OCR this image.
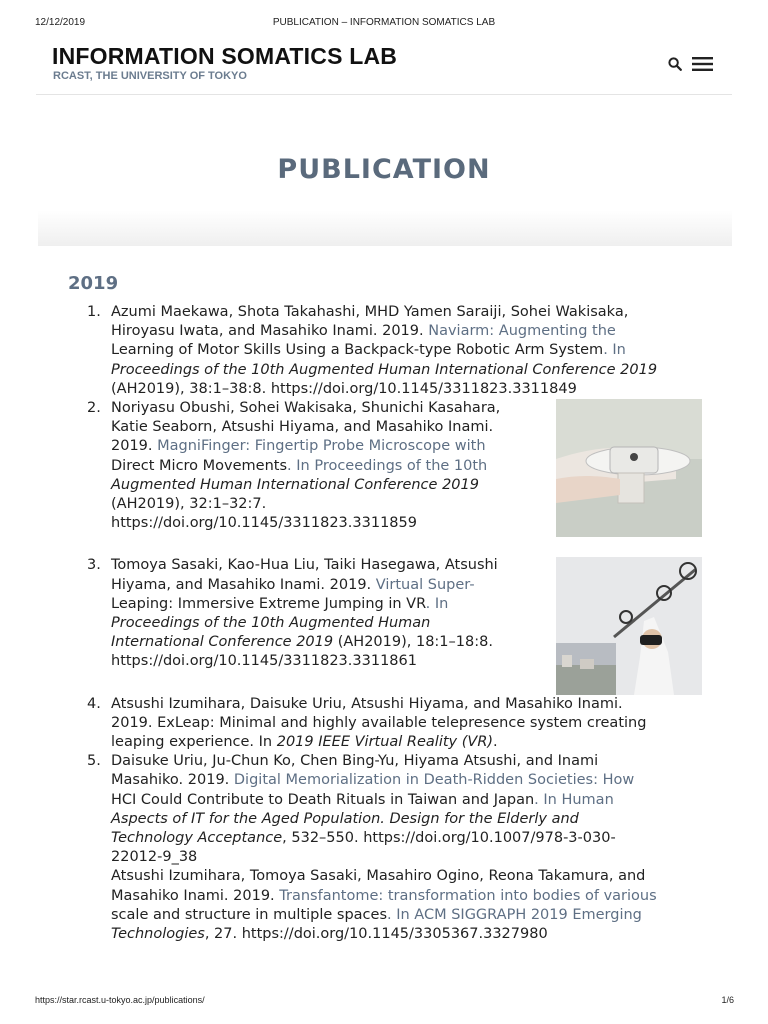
12/12/2019	PUBLICATION – INFORMATION SOMATICS LAB
INFORMATION SOMATICS LAB
RCAST, THE UNIVERSITY OF TOKYO
PUBLICATION
2019
1. Azumi Maekawa, Shota Takahashi, MHD Yamen Saraiji, Sohei Wakisaka,
Hiroyasu Iwata, and Masahiko Inami. 2019. Naviarm: Augmenting the
Learning of Motor Skills Using a Backpack-type Robotic Arm System. In
Proceedings of the 10th Augmented Human International Conference 2019
(AH2019), 38:1–38:8. https://doi.org/10.1145/3311823.3311849
2. Noriyasu Obushi, Sohei Wakisaka, Shunichi Kasahara,
Katie Seaborn, Atsushi Hiyama, and Masahiko Inami.
2019. MagniFinger: Fingertip Probe Microscope with
Direct Micro Movements. In Proceedings of the 10th
Augmented Human International Conference 2019
(AH2019), 32:1–32:7.
https://doi.org/10.1145/3311823.3311859
3. Tomoya Sasaki, Kao-Hua Liu, Taiki Hasegawa, Atsushi
Hiyama, and Masahiko Inami. 2019. Virtual Super-
Leaping: Immersive Extreme Jumping in VR. In
Proceedings of the 10th Augmented Human
International Conference 2019 (AH2019), 18:1–18:8.
https://doi.org/10.1145/3311823.3311861
4. Atsushi Izumihara, Daisuke Uriu, Atsushi Hiyama, and Masahiko Inami.
2019. ExLeap: Minimal and highly available telepresence system creating
leaping experience. In 2019 IEEE Virtual Reality (VR).
5. Daisuke Uriu, Ju-Chun Ko, Chen Bing-Yu, Hiyama Atsushi, and Inami
Masahiko. 2019. Digital Memorialization in Death-Ridden Societies: How
HCI Could Contribute to Death Rituals in Taiwan and Japan. In Human
Aspects of IT for the Aged Population. Design for the Elderly and
Technology Acceptance, 532–550. https://doi.org/10.1007/978-3-030-
22012-9_38
Atsushi Izumihara, Tomoya Sasaki, Masahiro Ogino, Reona Takamura, and
Masahiko Inami. 2019. Transfantome: transformation into bodies of various
scale and structure in multiple spaces. In ACM SIGGRAPH 2019 Emerging
Technologies, 27. https://doi.org/10.1145/3305367.3327980
https://star.rcast.u-tokyo.ac.jp/publications/	1/6
